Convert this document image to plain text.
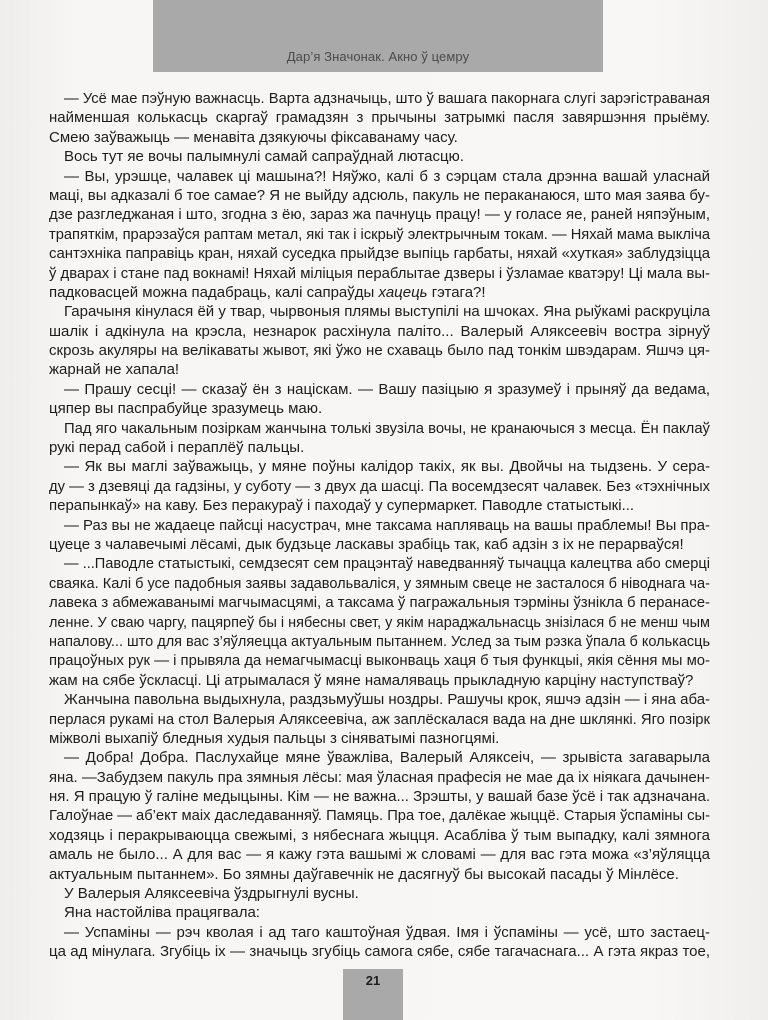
Дар’я Значонак. Акно ў цемру
— Усё мае пэўную важнасць. Варта адзначыць, што ў вашага пакорнага слугі зарэгістраваная
найменшая колькасць скаргаў грамадзян з прычыны затрымкі пасля завяршэння прыёму.
Смею заўважыць — менавіта дзякуючы фіксаванаму часу.
Вось тут яе вочы палымнулі самай сапраўднай лютасцю.
— Вы, урэшце, чалавек ці машына?! Няўжо, калі б з сэрцам стала дрэнна вашай уласнай
маці, вы адказалі б тое самае? Я не выйду адсюль, пакуль не пераканаюся, што мая заява бу-
дзе разгледжаная і што, згодна з ёю, зараз жа пачнуць працу! — у голасе яе, раней няпэўным,
трапяткім, прарэзаўся раптам метал, які так і іскрыў электрычным токам. — Няхай мама выкліча
сантэхніка паправіць кран, няхай суседка прыйдзе выпіць гарбаты, няхай «хуткая» заблудзіцца
ў дварах і стане пад вокнамі! Няхай міліцыя пераблытае дзверы і ўзламае кватэру! Ці мала вы-
падковасцей можна падабраць, калі сапраўды хацець гэтага?!
Гарачыня кінулася ёй у твар, чырвоныя плямы выступілі на шчоках. Яна рыўкамі раскруціла
шалік і адкінула на крэсла, незнарок расхінула паліто... Валерый Аляксеевіч востра зірнуў
скрозь акуляры на велікаваты жывот, які ўжо не схаваць было пад тонкім швэдарам. Яшчэ ця-
жарнай не хапала!
— Прашу сесці! — сказаў ён з націскам. — Вашу пазіцыю я зразумеў і прыняў да ведама,
цяпер вы паспрабуйце зразумець маю.
Пад яго чакальным позіркам жанчына толькі звузіла вочы, не кранаючыся з месца. Ён паклаў
рукі перад сабой і пераплёў пальцы.
— Як вы маглі заўважыць, у мяне поўны калідор такіх, як вы. Двойчы на тыдзень. У сера-
ду — з дзевяці да гадзіны, у суботу — з двух да шасці. Па восемдзесят чалавек. Без «тэхнічных
перапынкаў» на каву. Без перакураў і паходаў у супермаркет. Паводле статыстыкі...
— Раз вы не жадаеце пайсці насустрач, мне таксама напляваць на вашы праблемы! Вы пра-
цуеце з чалавечымі лёсамі, дык будзьце ласкавы зрабіць так, каб адзін з іх не перарваўся!
— ...Паводле статыстыкі, семдзесят сем працэнтаў наведванняў тычацца калецтва або смерці
сваяка. Калі б усе падобныя заявы задавольваліся, у зямным свеце не засталося б ніводнага ча-
лавека з абмежаванымі магчымасцямі, а таксама ў пагражальныя тэрміны ўзнікла б перанасе-
ленне. У сваю чаргу, пацярпеў бы і нябесны свет, у якім нараджальнасць знізілася б не менш чым
напалову... што для вас з’яўляецца актуальным пытаннем. Услед за тым рэзка ўпала б колькасць
працоўных рук — і прывяла да немагчымасці выконваць хаця б тыя функцыі, якія сёння мы мо-
жам на сябе ўскласці. Ці атрымалася ў мяне намаляваць прыкладную карціну наступстваў?
Жанчына павольна выдыхнула, раздзьмуўшы ноздры. Рашучы крок, яшчэ адзін — і яна аба-
перлася рукамі на стол Валерыя Аляксеевіча, аж заплёскалася вада на дне шклянкі. Яго позірк
міжволі выхапіў бледныя худыя пальцы з сіняватымі пазногцямі.
— Добра! Добра. Паслухайце мяне ўважліва, Валерый Аляксеіч, — зрывіста загаварыла
яна. —Забудзем пакуль пра зямныя лёсы: мая ўласная прафесія не мае да іх ніякага дачынен-
ня. Я працую ў галіне медыцыны. Кім — не важна... Зрэшты, у вашай базе ўсё і так адзначана.
Галоўнае — аб’ект маіх даследаванняў. Памяць. Пра тое, далёкае жыццё. Старыя ўспаміны сы-
ходзяць і перакрываюцца свежымі, з нябеснага жыцця. Асабліва ў тым выпадку, калі зямнога
амаль не было... А для вас — я кажу гэта вашымі ж словамі — для вас гэта можа «з’яўляцца
актуальным пытаннем». Бо зямны даўгавечнік не дасягнуў бы высокай пасады ў Мінлёсе.
У Валерыя Аляксеевіча ўздрыгнулі вусны.
Яна настойліва працягвала:
— Успаміны — рэч кволая і ад таго каштоўная ўдвая. Імя і ўспаміны — усё, што застаец-
ца ад мінулага. Згубіць іх — значыць згубіць самога сябе, сябе тагачаснага... А гэта якраз тое,
21
